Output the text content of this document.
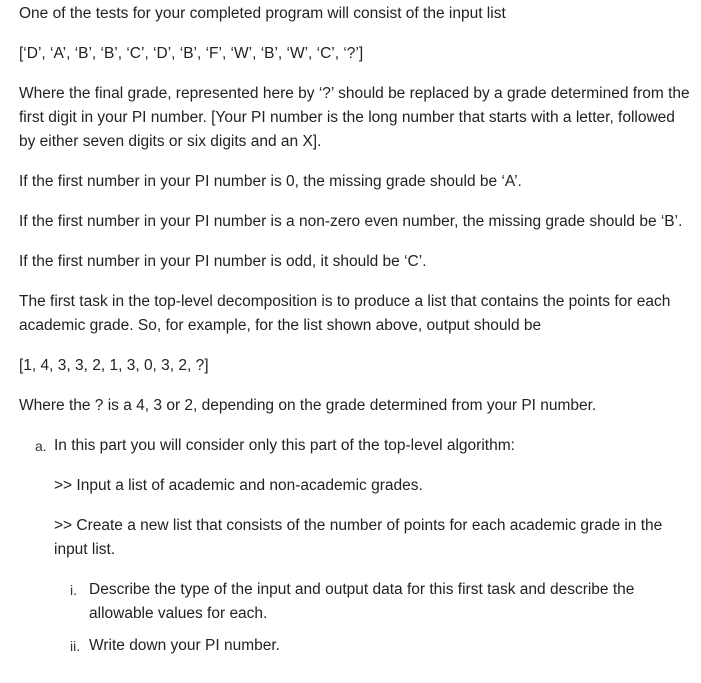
One of the tests for your completed program will consist of the input list

[‘D’, ‘A’, ‘B’, ‘B’, ‘C’, ‘D’, ‘B’, ‘F’, ‘W’, ‘B’, ‘W’, ‘C’, ‘?’]

Where the final grade, represented here by ‘?’ should be replaced by a grade determined from the first digit in your PI number. [Your PI number is the long number that starts with a letter, followed by either seven digits or six digits and an X].

If the first number in your PI number is 0, the missing grade should be ‘A’.

If the first number in your PI number is a non-zero even number, the missing grade should be ‘B’.

If the first number in your PI number is odd, it should be ‘C’.

The first task in the top-level decomposition is to produce a list that contains the points for each academic grade. So, for example, for the list shown above, output should be

[1, 4, 3, 3, 2, 1, 3, 0, 3, 2, ?]

Where the ? is a 4, 3 or 2, depending on the grade determined from your PI number.

a. In this part you will consider only this part of the top-level algorithm:

>> Input a list of academic and non-academic grades.

>> Create a new list that consists of the number of points for each academic grade in the input list.

i. Describe the type of the input and output data for this first task and describe the allowable values for each.
ii. Write down your PI number.
